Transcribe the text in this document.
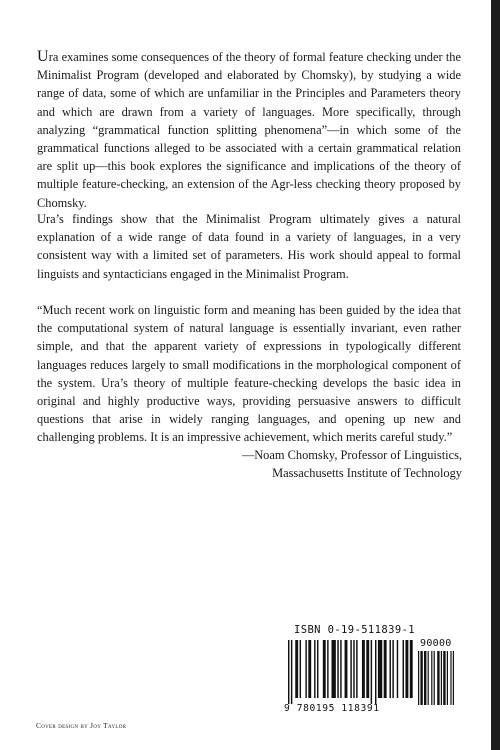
Ura examines some consequences of the theory of formal feature checking under the Minimalist Program (developed and elaborated by Chomsky), by studying a wide range of data, some of which are unfamiliar in the Principles and Parameters theory and which are drawn from a variety of languages. More specifically, through analyzing “grammatical function splitting phenomena”—in which some of the grammatical functions alleged to be associated with a certain grammatical relation are split up—this book explores the significance and implications of the theory of multiple feature-checking, an extension of the Agr-less checking theory proposed by Chomsky.

Ura’s findings show that the Minimalist Program ultimately gives a natural explanation of a wide range of data found in a variety of languages, in a very consistent way with a limited set of parameters. His work should appeal to formal linguists and syntacticians engaged in the Minimalist Program.

“Much recent work on linguistic form and meaning has been guided by the idea that the computational system of natural language is essentially invariant, even rather simple, and that the apparent variety of expressions in typologically different languages reduces largely to small modifications in the morphological component of the system. Ura’s theory of multiple feature-checking develops the basic idea in original and highly productive ways, providing persuasive answers to difficult questions that arise in widely ranging languages, and opening up new and challenging problems. It is an impressive achievement, which merits careful study.”

—Noam Chomsky, Professor of Linguistics,
Massachusetts Institute of Technology
ISBN 0-19-511839-1
90000
9 780195 118391
Cover design by Joy Taylor
